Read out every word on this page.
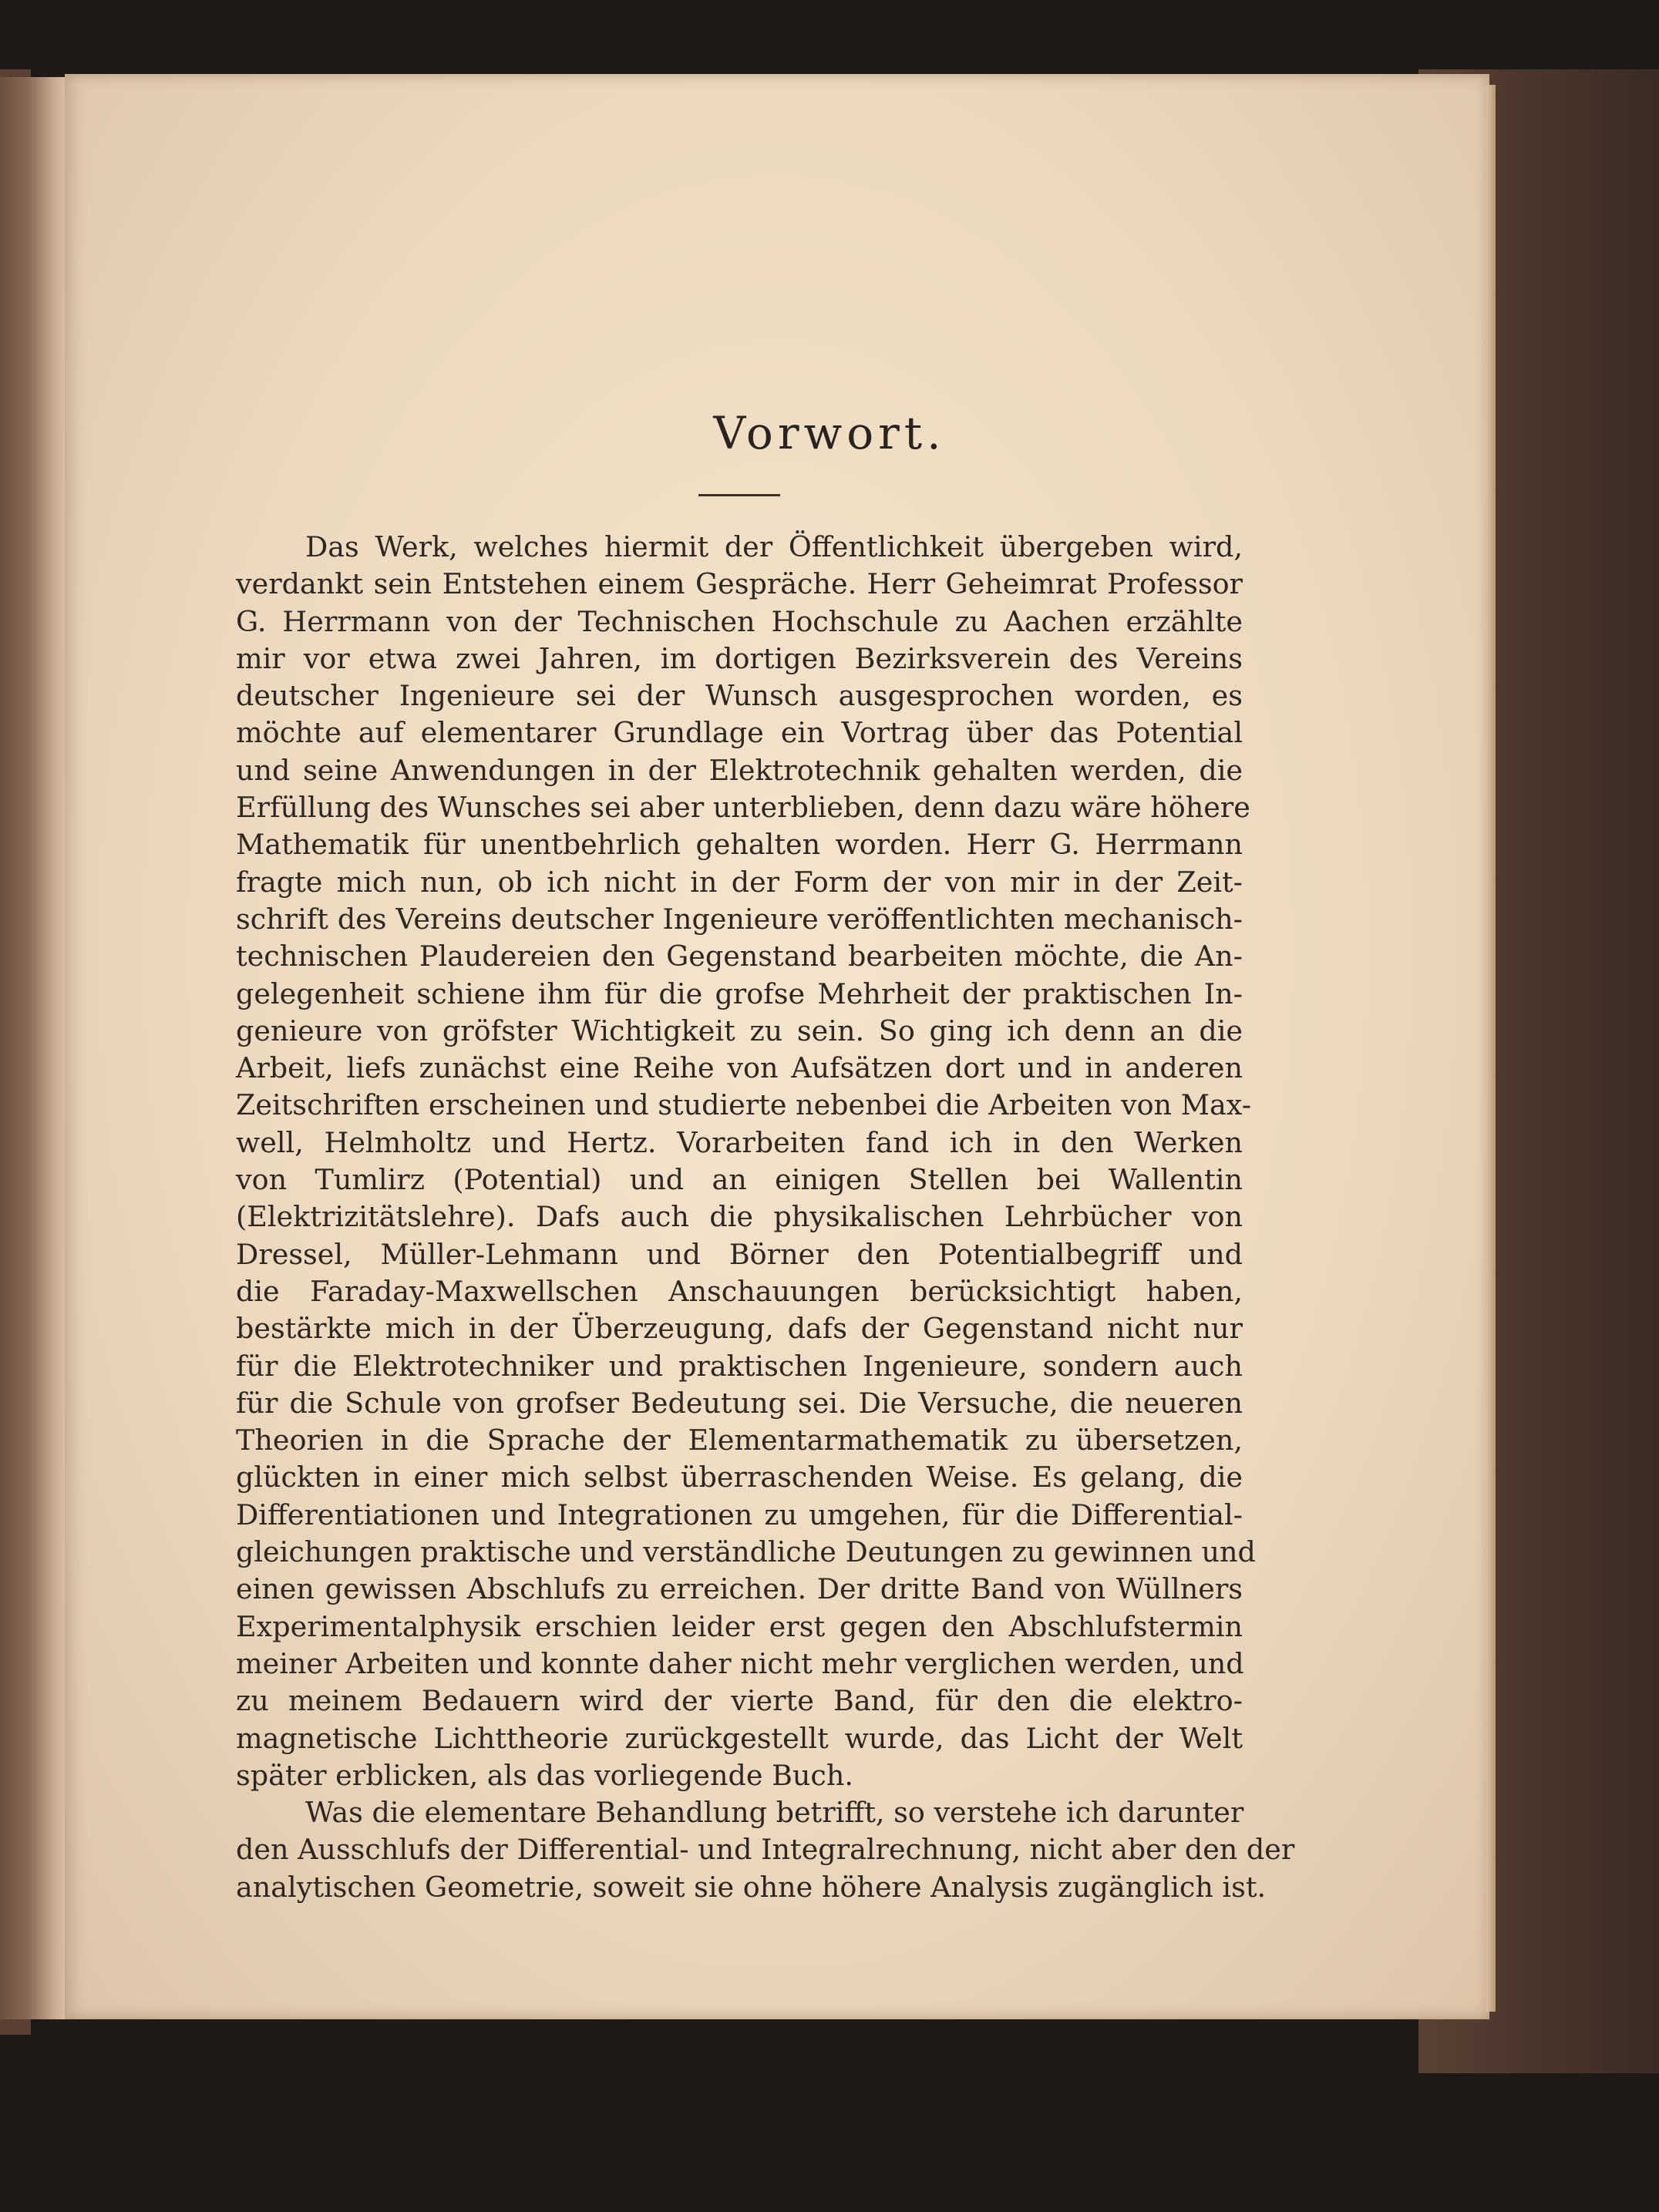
Vorwort.
Das Werk, welches hiermit der Öffentlichkeit übergeben wird,
verdankt sein Entstehen einem Gespräche. Herr Geheimrat Professor
G. Herrmann von der Technischen Hochschule zu Aachen erzählte
mir vor etwa zwei Jahren, im dortigen Bezirksverein des Vereins
deutscher Ingenieure sei der Wunsch ausgesprochen worden, es
möchte auf elementarer Grundlage ein Vortrag über das Potential
und seine Anwendungen in der Elektrotechnik gehalten werden, die
Erfüllung des Wunsches sei aber unterblieben, denn dazu wäre höhere
Mathematik für unentbehrlich gehalten worden. Herr G. Herrmann
fragte mich nun, ob ich nicht in der Form der von mir in der Zeit-
schrift des Vereins deutscher Ingenieure veröffentlichten mechanisch-
technischen Plaudereien den Gegenstand bearbeiten möchte, die An-
gelegenheit schiene ihm für die grofse Mehrheit der praktischen In-
genieure von gröfster Wichtigkeit zu sein. So ging ich denn an die
Arbeit, liefs zunächst eine Reihe von Aufsätzen dort und in anderen
Zeitschriften erscheinen und studierte nebenbei die Arbeiten von Max-
well, Helmholtz und Hertz. Vorarbeiten fand ich in den Werken
von Tumlirz (Potential) und an einigen Stellen bei Wallentin
(Elektrizitätslehre). Dafs auch die physikalischen Lehrbücher von
Dressel, Müller-Lehmann und Börner den Potentialbegriff und
die Faraday-Maxwellschen Anschauungen berücksichtigt haben,
bestärkte mich in der Überzeugung, dafs der Gegenstand nicht nur
für die Elektrotechniker und praktischen Ingenieure, sondern auch
für die Schule von grofser Bedeutung sei. Die Versuche, die neueren
Theorien in die Sprache der Elementarmathematik zu übersetzen,
glückten in einer mich selbst überraschenden Weise. Es gelang, die
Differentiationen und Integrationen zu umgehen, für die Differential-
gleichungen praktische und verständliche Deutungen zu gewinnen und
einen gewissen Abschlufs zu erreichen. Der dritte Band von Wüllners
Experimentalphysik erschien leider erst gegen den Abschlufstermin
meiner Arbeiten und konnte daher nicht mehr verglichen werden, und
zu meinem Bedauern wird der vierte Band, für den die elektro-
magnetische Lichttheorie zurückgestellt wurde, das Licht der Welt
später erblicken, als das vorliegende Buch.
Was die elementare Behandlung betrifft, so verstehe ich darunter
den Ausschlufs der Differential- und Integralrechnung, nicht aber den der
analytischen Geometrie, soweit sie ohne höhere Analysis zugänglich ist.
